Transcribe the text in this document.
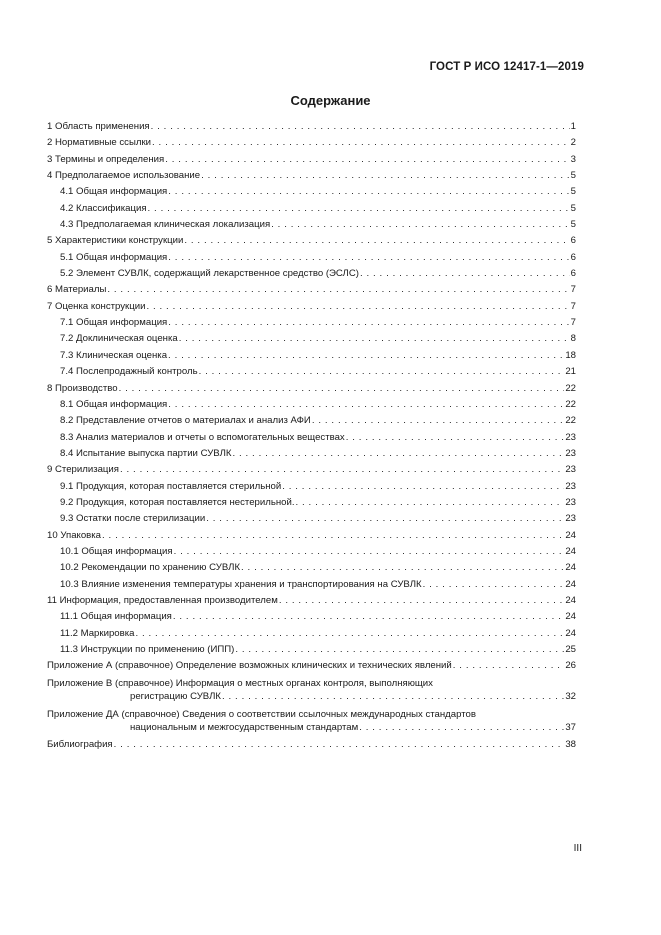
ГОСТ Р ИСО 12417-1—2019
Содержание
1 Область применения . . .	1
2 Нормативные ссылки . . .	2
3 Термины и определения . . .	3
4 Предполагаемое использование . . .	5
4.1 Общая информация . . .	5
4.2 Классификация . . .	5
4.3 Предполагаемая клиническая локализация . . .	5
5 Характеристики конструкции . . .	6
5.1 Общая информация . . .	6
5.2 Элемент СУВЛК, содержащий лекарственное средство (ЭСЛС) . . .	6
6 Материалы . . .	7
7 Оценка конструкции . . .	7
7.1 Общая информация . . .	7
7.2 Доклиническая оценка . . .	8
7.3 Клиническая оценка . . .	18
7.4 Послепродажный контроль . . .	21
8 Производство . . .	22
8.1 Общая информация . . .	22
8.2 Представление отчетов о материалах и анализ АФИ . . .	22
8.3 Анализ материалов и отчеты о вспомогательных веществах . . .	23
8.4 Испытание выпуска партии СУВЛК . . .	23
9 Стерилизация . . .	23
9.1 Продукция, которая поставляется стерильной . . .	23
9.2 Продукция, которая поставляется нестерильной. . . .	23
9.3 Остатки после стерилизации . . .	23
10 Упаковка . . .	24
10.1 Общая информация . . .	24
10.2 Рекомендации по хранению СУВЛК . . .	24
10.3 Влияние изменения температуры хранения и транспортирования на СУВЛК . . .	24
11 Информация, предоставленная производителем . . .	24
11.1 Общая информация . . .	24
11.2 Маркировка . . .	24
11.3 Инструкции по применению (ИПП) . . .	25
Приложение А (справочное) Определение возможных клинических и технических явлений . . .	26
Приложение В (справочное) Информация о местных органах контроля, выполняющих
регистрацию СУВЛК . . .	32
Приложение ДА (справочное) Сведения о соответствии ссылочных международных стандартов
национальным и межгосударственным стандартам . . .	37
Библиография . . .	38
III
